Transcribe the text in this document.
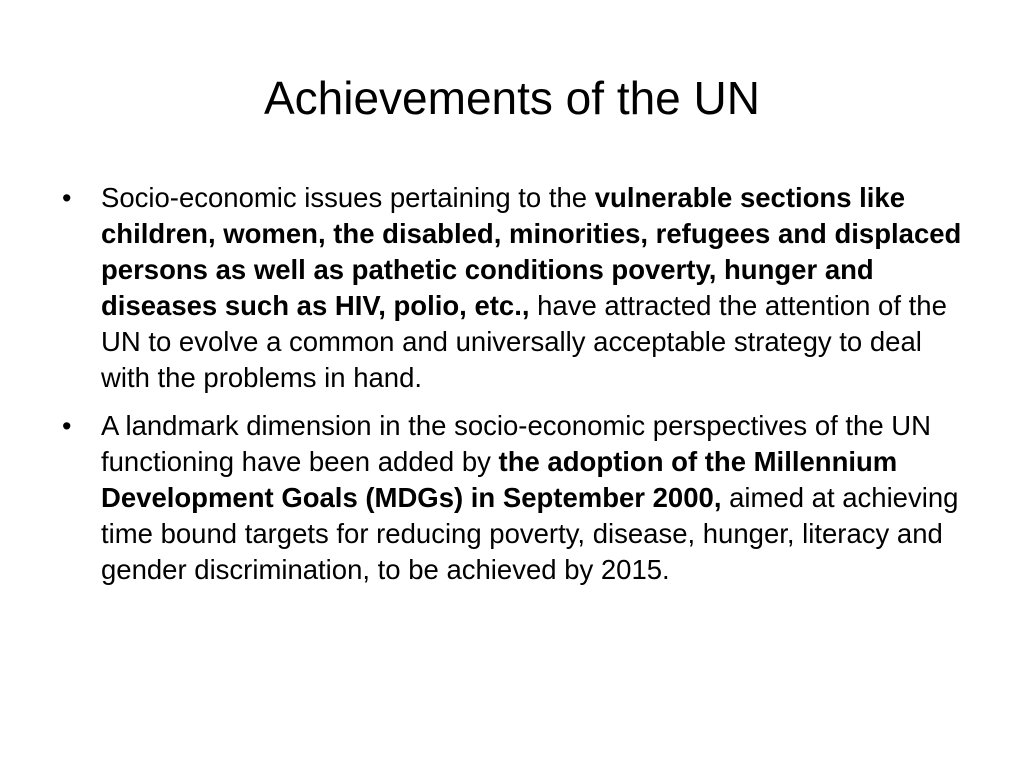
Achievements of the UN
• Socio-economic issues pertaining to the vulnerable sections like children, women, the disabled, minorities, refugees and displaced persons as well as pathetic conditions poverty, hunger and diseases such as HIV, polio, etc., have attracted the attention of the UN to evolve a common and universally acceptable strategy to deal with the problems in hand.
• A landmark dimension in the socio-economic perspectives of the UN functioning have been added by the adoption of the Millennium Development Goals (MDGs) in September 2000, aimed at achieving time bound targets for reducing poverty, disease, hunger, literacy and gender discrimination, to be achieved by 2015.
